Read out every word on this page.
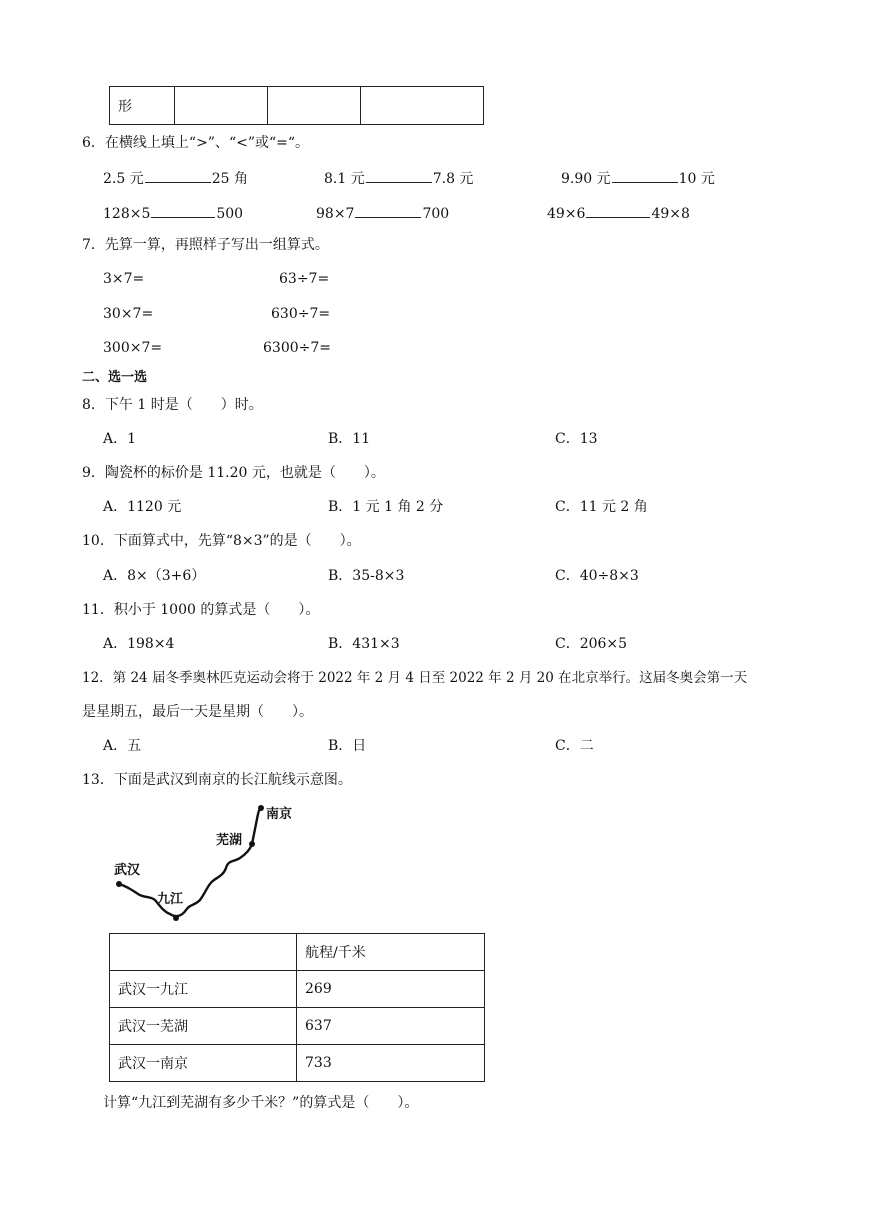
形			
6．在横线上填上“>”、“<”或“=“。
2.5 元	25 角	8.1 元	7.8 元	9.90 元	10 元
128×5	500	98×7	700	49×6	49×8
7．先算一算，再照样子写出一组算式。
3×7=	63÷7=
30×7=	630÷7=
300×7=	6300÷7=
二、选一选
8．下午 1 时是（　　）时。
A．1	B．11	C．13
9．陶瓷杯的标价是 11.20 元，也就是（　　）。
A．1120 元	B．1 元 1 角 2 分	C．11 元 2 角
10．下面算式中，先算“8×3”的是（　　）。
A．8×（3+6）	B．35-8×3	C．40÷8×3
11．积小于 1000 的算式是（　　）。
A．198×4	B．431×3	C．206×5
12．第 24 届冬季奥林匹克运动会将于 2022 年 2 月 4 日至 2022 年 2 月 20 在北京举行。这届冬奥会第一天
是星期五，最后一天是星期（　　）。
A．五	B．日	C．二
13．下面是武汉到南京的长江航线示意图。
武汉
九江
芜湖
南京
	航程/千米
武汉一九江	269
武汉一芜湖	637
武汉一南京	733
计算“九江到芜湖有多少千米？”的算式是（　　）。
